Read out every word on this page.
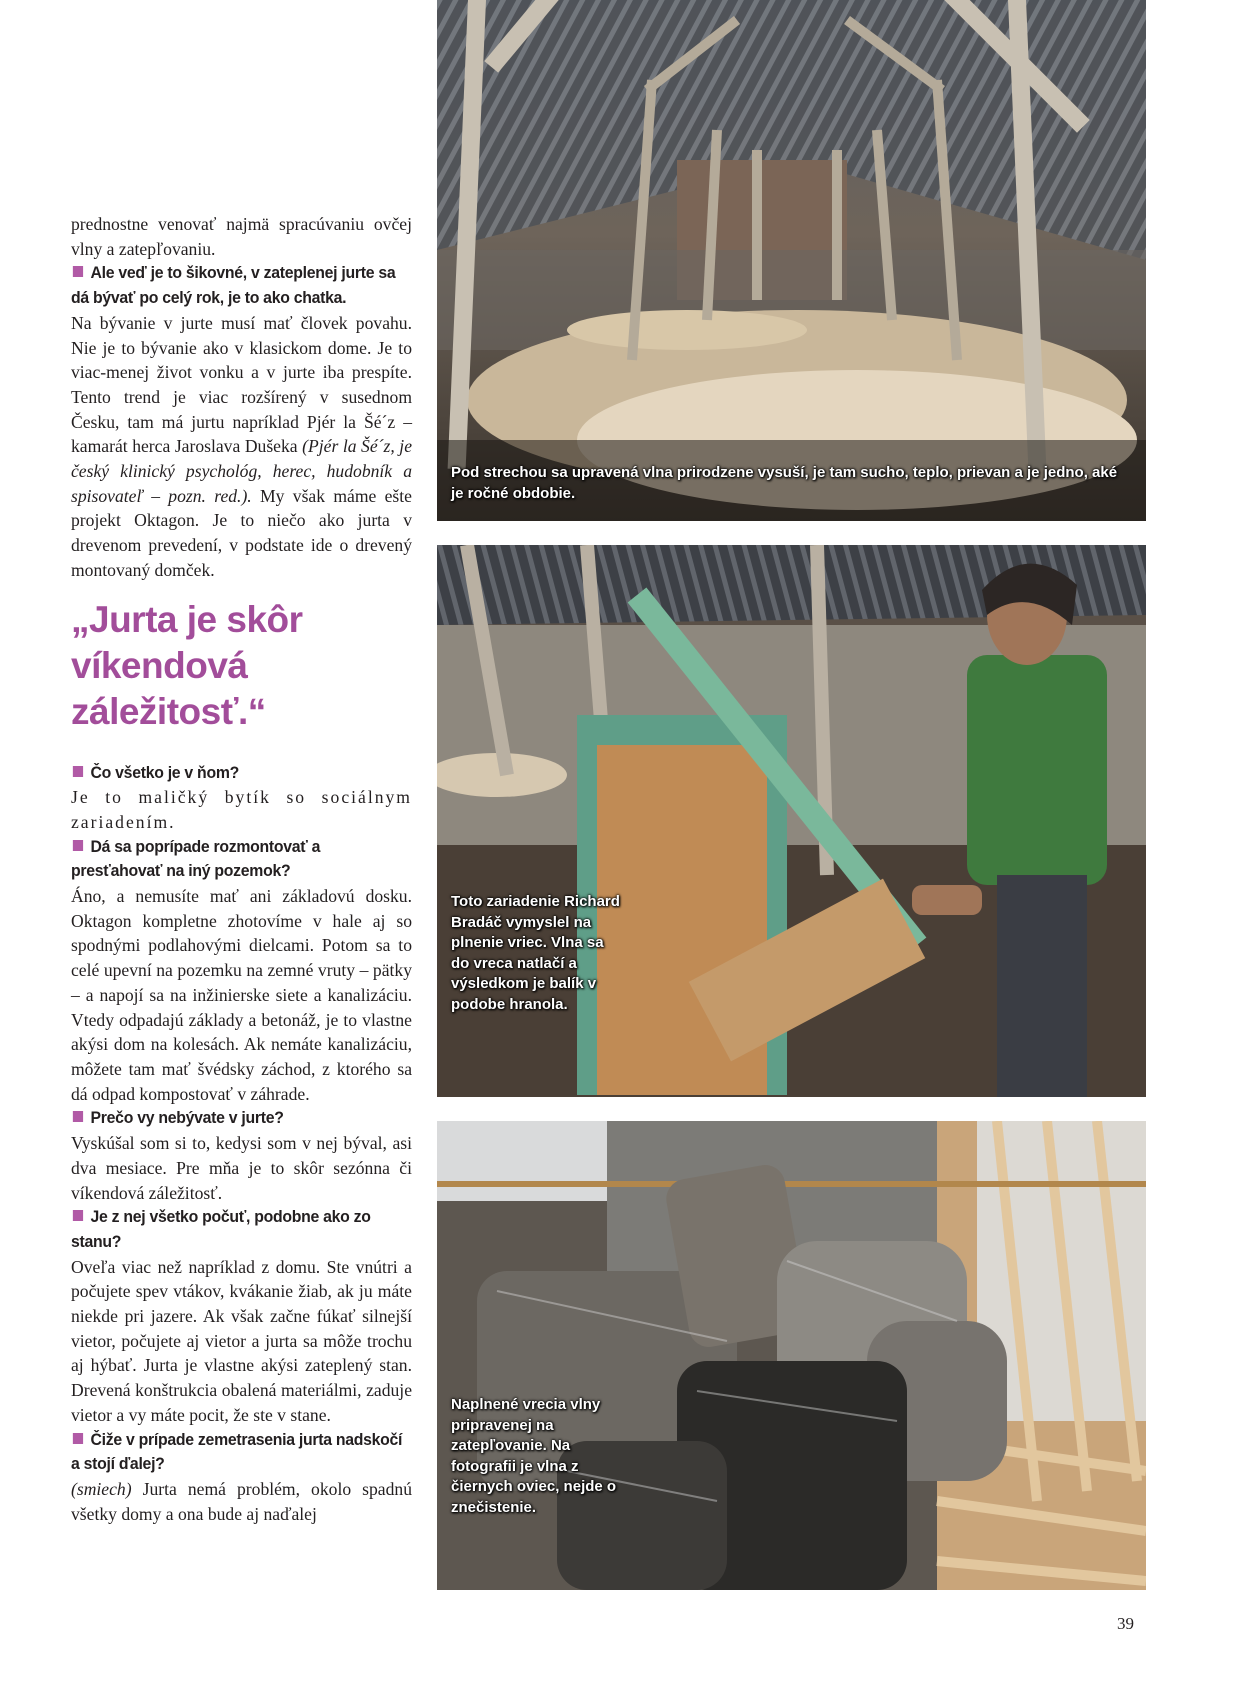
prednostne venovať najmä spracúvaniu ovčej vlny a zatepľovaniu.

Ale veď je to šikovné, v zateplenej jurte sa dá bývať po celý rok, je to ako chatka.

Na bývanie v jurte musí mať človek povahu. Nie je to bývanie ako v klasickom dome. Je to viac-menej život vonku a v jurte iba prespíte. Tento trend je viac rozšírený v susednom Česku, tam má jurtu napríklad Pjér la Šé´z – kamarát herca Jaroslava Dušeka (Pjér la Šé´z, je český klinický psychológ, herec, hudobník a spisovateľ – pozn. red.). My však máme ešte projekt Oktagon. Je to niečo ako jurta v drevenom prevedení, v podstate ide o drevený montovaný domček.

„Jurta je skôr víkendová záležitosť.“
Čo všetko je v ňom?

Je to maličký bytík so sociálnym zariadením.

Dá sa poprípade rozmontovať a presťahovať na iný pozemok?

Áno, a nemusíte mať ani základovú dosku. Oktagon kompletne zhotovíme v hale aj so spodnými podlahovými dielcami. Potom sa to celé upevní na pozemku na zemné vruty – pätky – a napojí sa na inžinierske siete a kanalizáciu. Vtedy odpadajú základy a betonáž, je to vlastne akýsi dom na kolesách. Ak nemáte kanalizáciu, môžete tam mať švédsky záchod, z ktorého sa dá odpad kompostovať v záhrade.

Prečo vy nebývate v jurte?

Vyskúšal som si to, kedysi som v nej býval, asi dva mesiace. Pre mňa je to skôr sezónna či víkendová záležitosť.

Je z nej všetko počuť, podobne ako zo stanu?

Oveľa viac než napríklad z domu. Ste vnútri a počujete spev vtákov, kvákanie žiab, ak ju máte niekde pri jazere. Ak však začne fúkať silnejší vietor, počujete aj vietor a jurta sa môže trochu aj hýbať. Jurta je vlastne akýsi zateplený stan. Drevená konštrukcia obalená materiálmi, zaduje vietor a vy máte pocit, že ste v stane.

Čiže v prípade zemetrasenia jurta nadskočí a stojí ďalej?

(smiech) Jurta nemá problém, okolo spadnú všetky domy a ona bude aj naďalej

Pod strechou sa upravená vlna prirodzene vysuší, je tam sucho, teplo, prievan a je jedno, aké je ročné obdobie.
Toto zariadenie Richard Bradáč vymyslel na plnenie vriec. Vlna sa do vreca natlačí a výsledkom je balík v podobe hranola.
Naplnené vrecia vlny pripravenej na zatepľovanie. Na fotografii je vlna z čiernych oviec, nejde o znečistenie.
39
